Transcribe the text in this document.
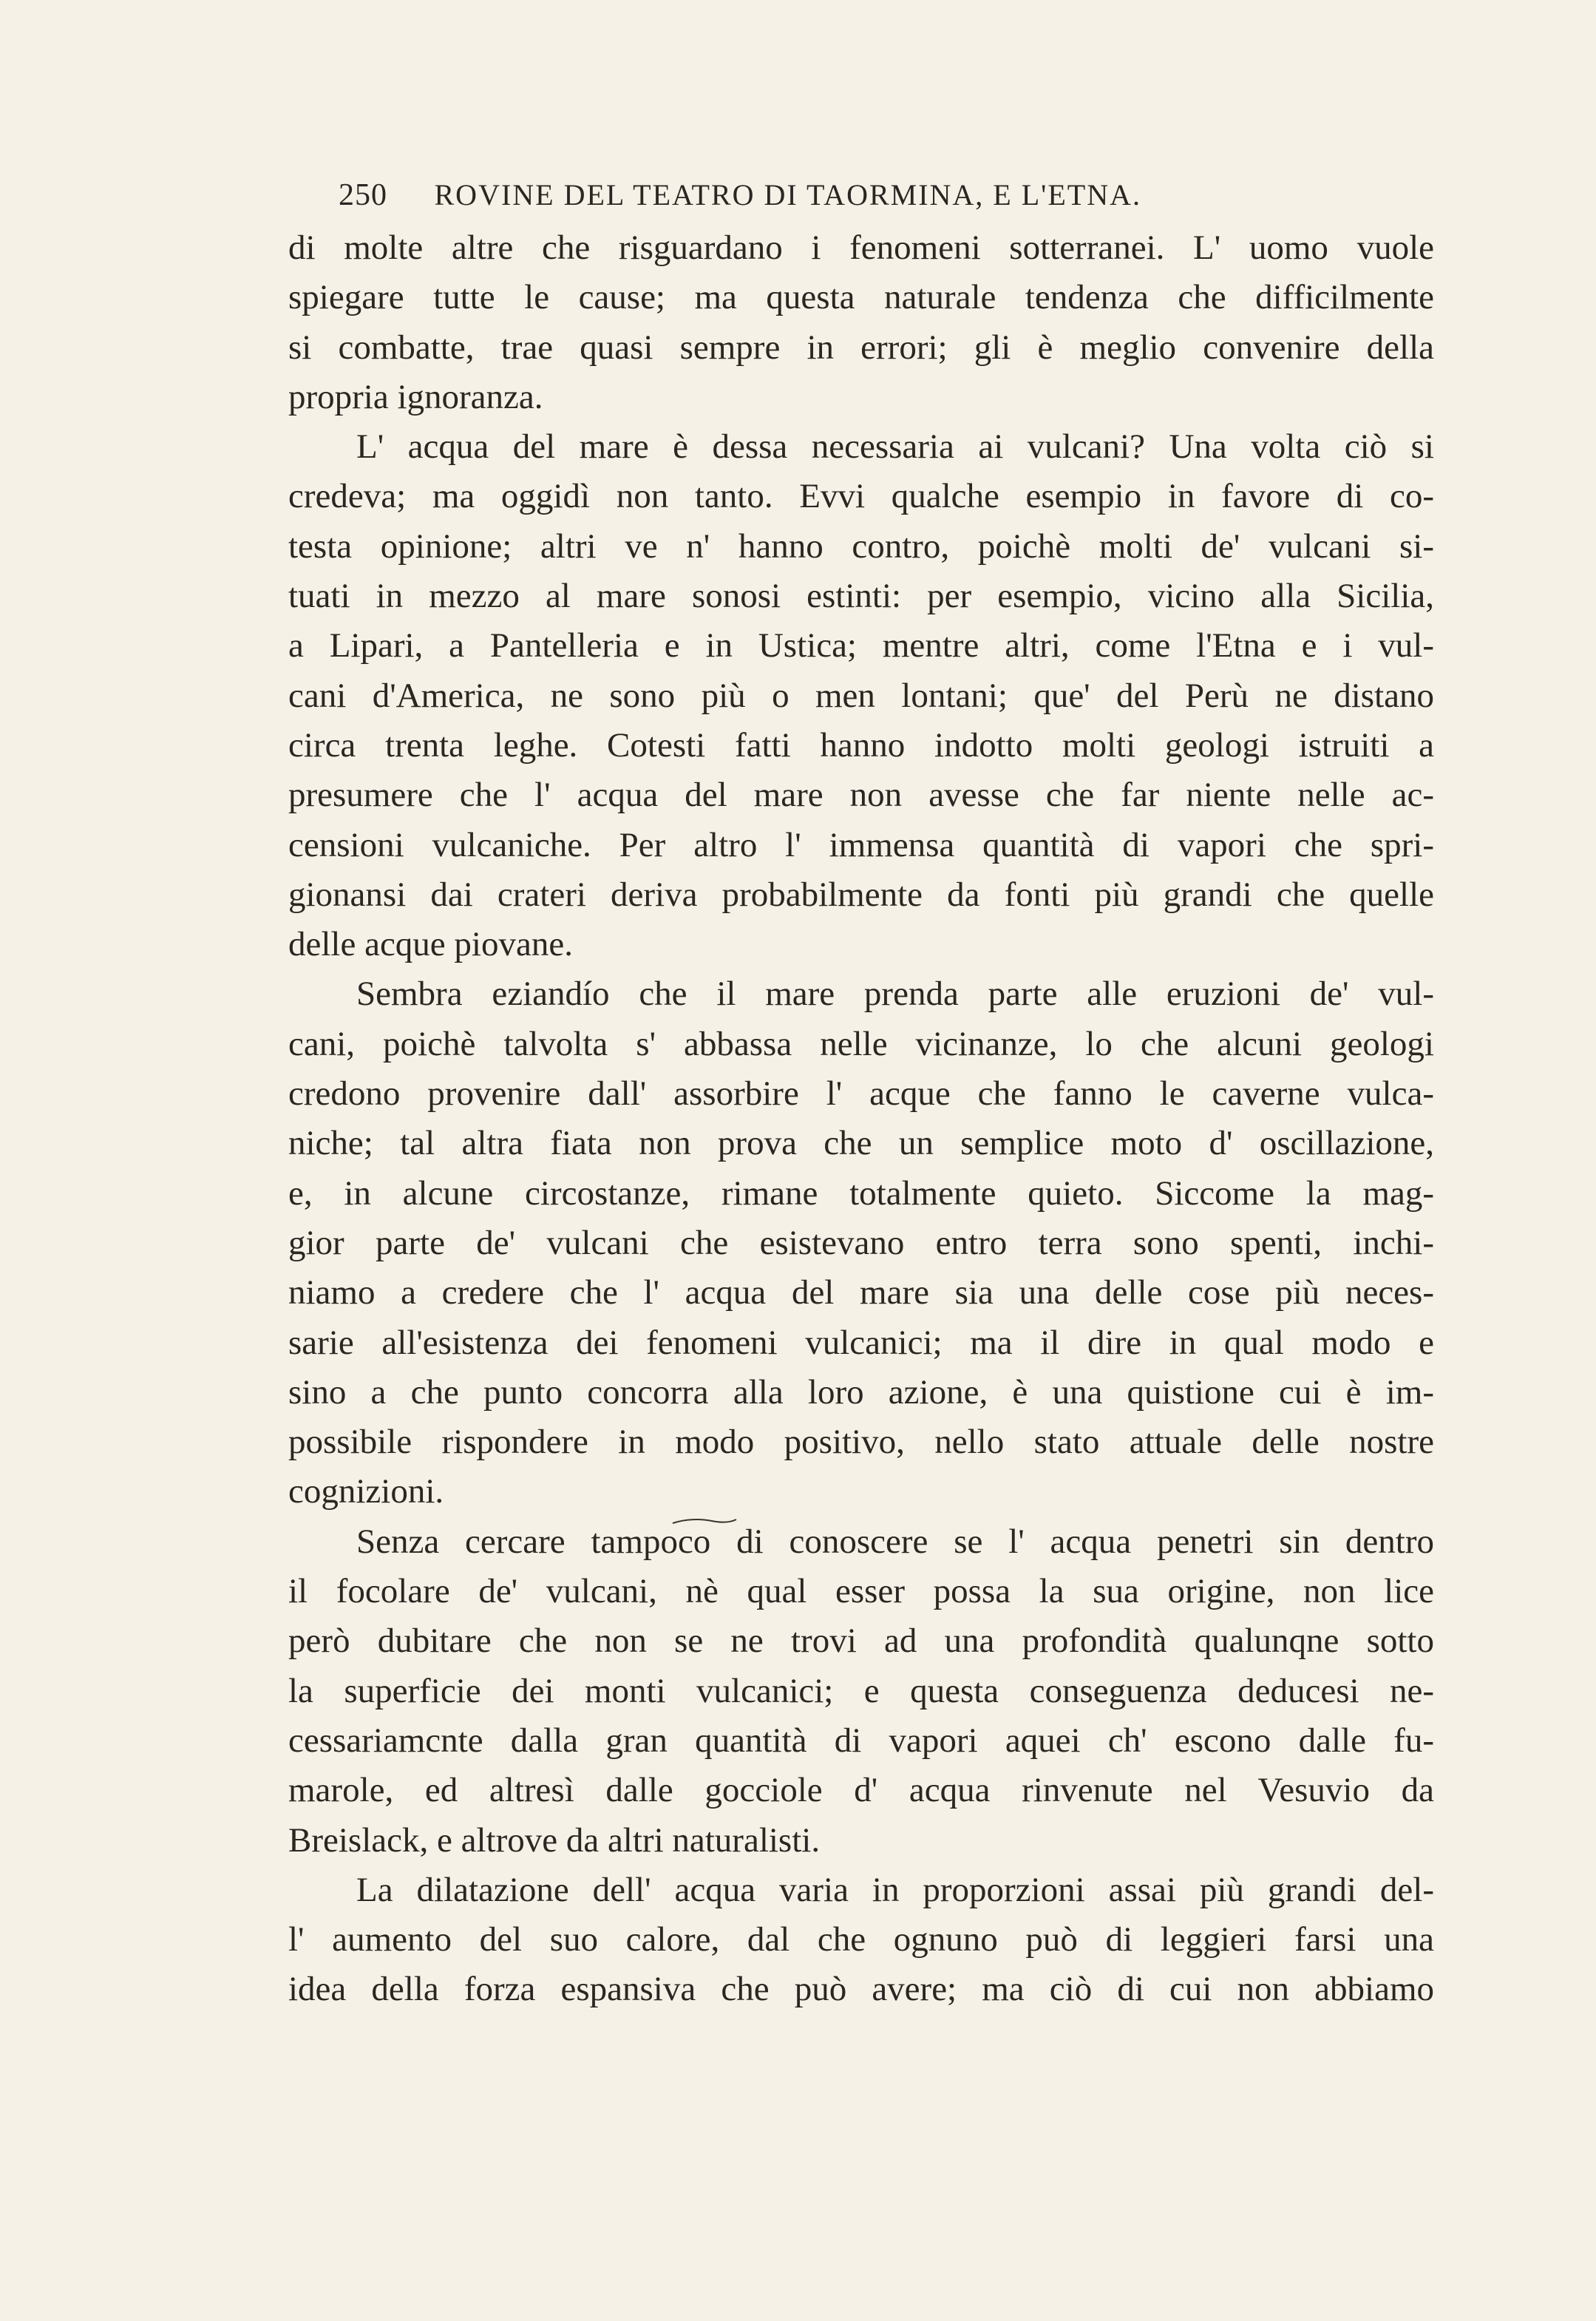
250 ROVINE DEL TEATRO DI TAORMINA, E L'ETNA.
di molte altre che risguardano i fenomeni sotterranei. L' uomo vuole
spiegare tutte le cause; ma questa naturale tendenza che difficilmente
si combatte, trae quasi sempre in errori; gli è meglio convenire della
propria ignoranza.
L' acqua del mare è dessa necessaria ai vulcani? Una volta ciò si
credeva; ma oggidì non tanto. Evvi qualche esempio in favore di co-
testa opinione; altri ve n' hanno contro, poichè molti de' vulcani si-
tuati in mezzo al mare sonosi estinti: per esempio, vicino alla Sicilia,
a Lipari, a Pantelleria e in Ustica; mentre altri, come l'Etna e i vul-
cani d'America, ne sono più o men lontani; que' del Perù ne distano
circa trenta leghe. Cotesti fatti hanno indotto molti geologi istruiti a
presumere che l' acqua del mare non avesse che far niente nelle ac-
censioni vulcaniche. Per altro l' immensa quantità di vapori che spri-
gionansi dai crateri deriva probabilmente da fonti più grandi che quelle
delle acque piovane.
Sembra eziandío che il mare prenda parte alle eruzioni de' vul-
cani, poichè talvolta s' abbassa nelle vicinanze, lo che alcuni geologi
credono provenire dall' assorbire l' acque che fanno le caverne vulca-
niche; tal altra fiata non prova che un semplice moto d' oscillazione,
e, in alcune circostanze, rimane totalmente quieto. Siccome la mag-
gior parte de' vulcani che esistevano entro terra sono spenti, inchi-
niamo a credere che l' acqua del mare sia una delle cose più neces-
sarie all'esistenza dei fenomeni vulcanici; ma il dire in qual modo e
sino a che punto concorra alla loro azione, è una quistione cui è im-
possibile rispondere in modo positivo, nello stato attuale delle nostre
cognizioni.
Senza cercare tampoco di conoscere se l' acqua penetri sin dentro
il focolare de' vulcani, nè qual esser possa la sua origine, non lice
però dubitare che non se ne trovi ad una profondità qualunqne sotto
la superficie dei monti vulcanici; e questa conseguenza deducesi ne-
cessariamcnte dalla gran quantità di vapori aquei ch' escono dalle fu-
marole, ed altresì dalle gocciole d' acqua rinvenute nel Vesuvio da
Breislack, e altrove da altri naturalisti.
La dilatazione dell' acqua varia in proporzioni assai più grandi del-
l' aumento del suo calore, dal che ognuno può di leggieri farsi una
idea della forza espansiva che può avere; ma ciò di cui non abbiamo
